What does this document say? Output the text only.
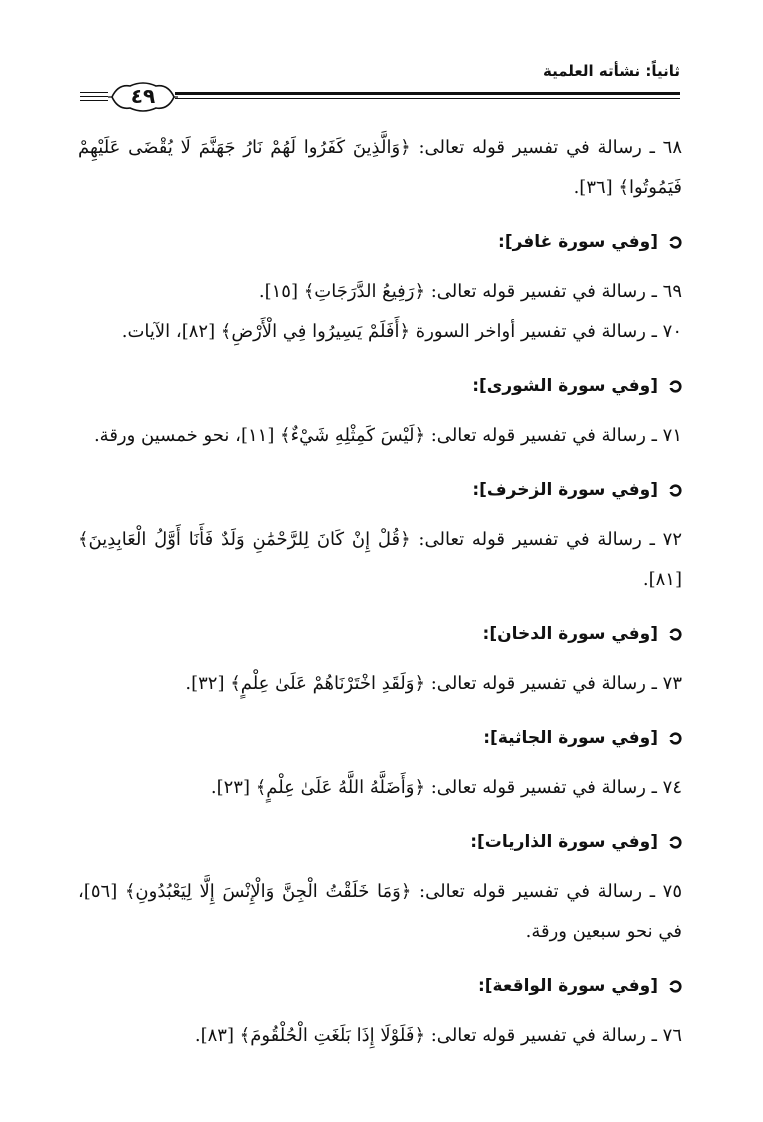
ثانياً: نشأته العلمية
٤٩

٦٨ ـ رسالة في تفسير قوله تعالى: ﴿وَالَّذِينَ كَفَرُوا لَهُمْ نَارُ جَهَنَّمَ لَا يُقْضَى عَلَيْهِمْ فَيَمُوتُوا﴾ [٣٦].

[وفي سورة غافر]:

٦٩ ـ رسالة في تفسير قوله تعالى: ﴿رَفِيعُ الدَّرَجَاتِ﴾ [١٥].

٧٠ ـ رسالة في تفسير أواخر السورة ﴿أَفَلَمْ يَسِيرُوا فِي الْأَرْضِ﴾ [٨٢]، الآيات.

[وفي سورة الشورى]:

٧١ ـ رسالة في تفسير قوله تعالى: ﴿لَيْسَ كَمِثْلِهِ شَيْءٌ﴾ [١١]، نحو خمسين ورقة.

[وفي سورة الزخرف]:

٧٢ ـ رسالة في تفسير قوله تعالى: ﴿قُلْ إِنْ كَانَ لِلرَّحْمَٰنِ وَلَدٌ فَأَنَا أَوَّلُ الْعَابِدِينَ﴾ [٨١].

[وفي سورة الدخان]:

٧٣ ـ رسالة في تفسير قوله تعالى: ﴿وَلَقَدِ اخْتَرْنَاهُمْ عَلَىٰ عِلْمٍ﴾ [٣٢].

[وفي سورة الجاثية]:

٧٤ ـ رسالة في تفسير قوله تعالى: ﴿وَأَضَلَّهُ اللَّهُ عَلَىٰ عِلْمٍ﴾ [٢٣].

[وفي سورة الذاريات]:

٧٥ ـ رسالة في تفسير قوله تعالى: ﴿وَمَا خَلَقْتُ الْجِنَّ وَالْإِنْسَ إِلَّا لِيَعْبُدُونِ﴾ [٥٦]، في نحو سبعين ورقة.

[وفي سورة الواقعة]:

٧٦ ـ رسالة في تفسير قوله تعالى: ﴿فَلَوْلَا إِذَا بَلَغَتِ الْحُلْقُومَ﴾ [٨٣].
